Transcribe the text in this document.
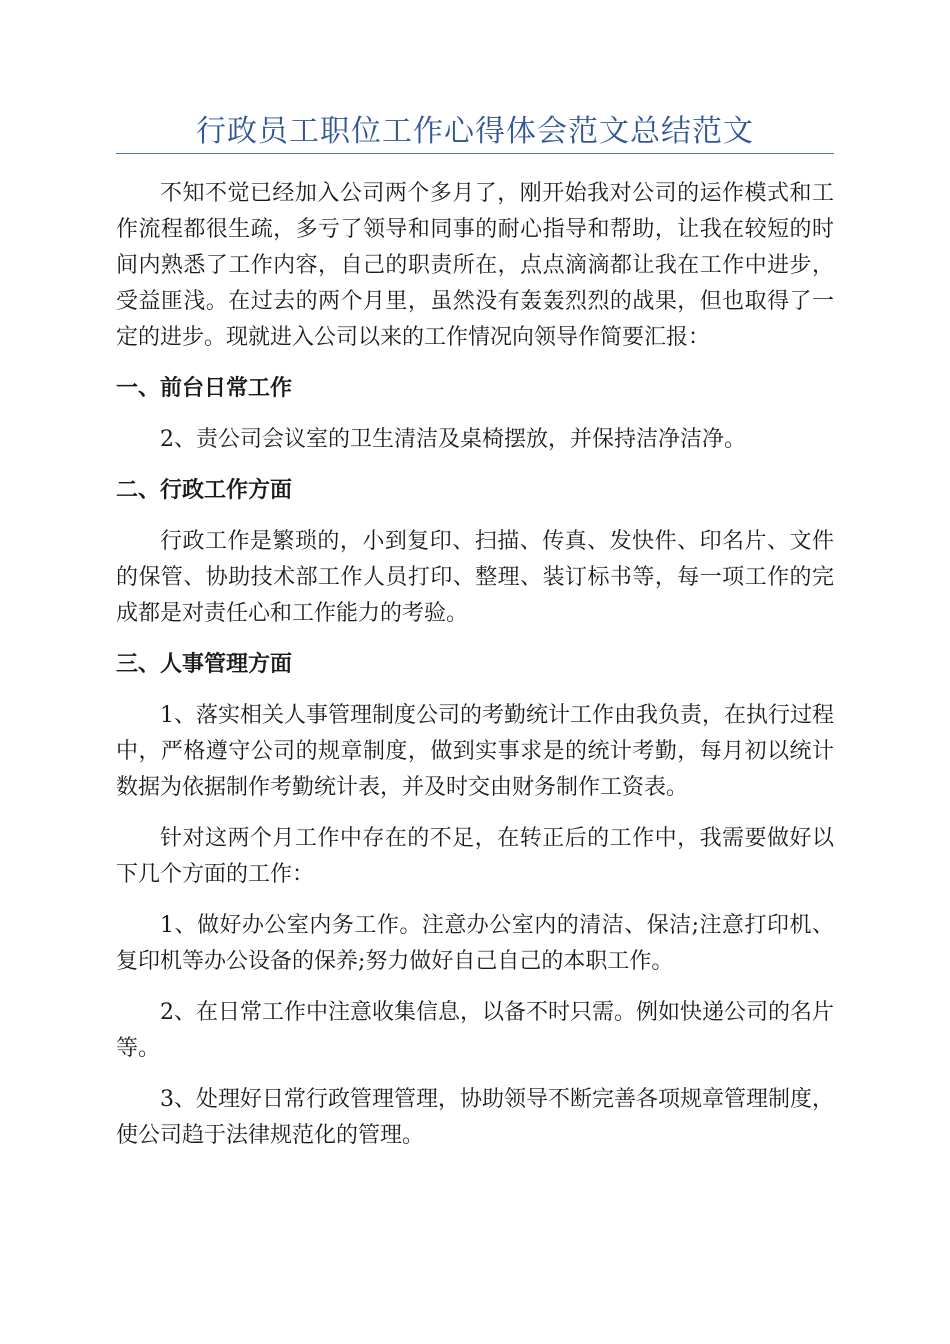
行政员工职位工作心得体会范文总结范文

不知不觉已经加入公司两个多月了，刚开始我对公司的运作模式和工作流程都很生疏，多亏了领导和同事的耐心指导和帮助，让我在较短的时间内熟悉了工作内容，自己的职责所在，点点滴滴都让我在工作中进步，受益匪浅。在过去的两个月里，虽然没有轰轰烈烈的战果，但也取得了一定的进步。现就进入公司以来的工作情况向领导作简要汇报：

一、前台日常工作

2、责公司会议室的卫生清洁及桌椅摆放，并保持洁净洁净。

二、行政工作方面

行政工作是繁琐的，小到复印、扫描、传真、发快件、印名片、文件的保管、协助技术部工作人员打印、整理、装订标书等，每一项工作的完成都是对责任心和工作能力的考验。

三、人事管理方面

1、落实相关人事管理制度公司的考勤统计工作由我负责，在执行过程中，严格遵守公司的规章制度，做到实事求是的统计考勤，每月初以统计数据为依据制作考勤统计表，并及时交由财务制作工资表。

针对这两个月工作中存在的不足，在转正后的工作中，我需要做好以下几个方面的工作：

1、做好办公室内务工作。注意办公室内的清洁、保洁;注意打印机、复印机等办公设备的保养;努力做好自己自己的本职工作。

2、在日常工作中注意收集信息，以备不时只需。例如快递公司的名片等。

3、处理好日常行政管理管理，协助领导不断完善各项规章管理制度，使公司趋于法律规范化的管理。
